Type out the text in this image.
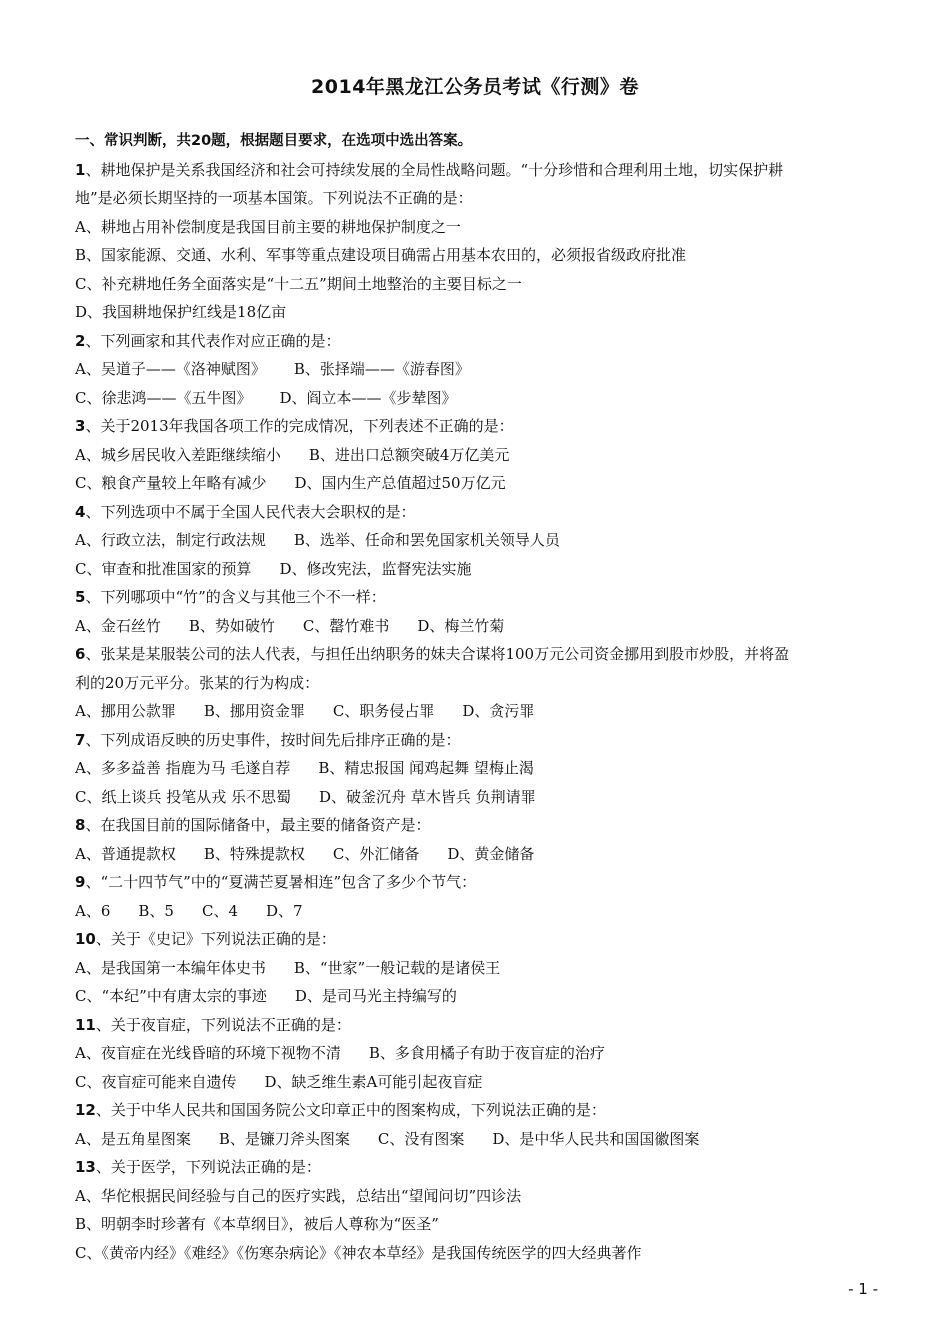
2014年黑龙江公务员考试《行测》卷
一、常识判断，共20题，根据题目要求，在选项中选出答案。
1、耕地保护是关系我国经济和社会可持续发展的全局性战略问题。“十分珍惜和合理利用土地，切实保护耕
地”是必须长期坚持的一项基本国策。下列说法不正确的是：
A、耕地占用补偿制度是我国目前主要的耕地保护制度之一
B、国家能源、交通、水利、军事等重点建设项目确需占用基本农田的，必须报省级政府批准
C、补充耕地任务全面落实是“十二五”期间土地整治的主要目标之一
D、我国耕地保护红线是18亿亩
2、下列画家和其代表作对应正确的是：
A、吴道子——《洛神赋图》 B、张择端——《游春图》
C、徐悲鸿——《五牛图》 D、阎立本——《步辇图》
3、关于2013年我国各项工作的完成情况，下列表述不正确的是：
A、城乡居民收入差距继续缩小 B、进出口总额突破4万亿美元
C、粮食产量较上年略有减少 D、国内生产总值超过50万亿元
4、下列选项中不属于全国人民代表大会职权的是：
A、行政立法，制定行政法规 B、选举、任命和罢免国家机关领导人员
C、审查和批准国家的预算 D、修改宪法，监督宪法实施
5、下列哪项中“竹”的含义与其他三个不一样：
A、金石丝竹 B、势如破竹 C、罄竹难书 D、梅兰竹菊
6、张某是某服装公司的法人代表，与担任出纳职务的妹夫合谋将100万元公司资金挪用到股市炒股，并将盈
利的20万元平分。张某的行为构成：
A、挪用公款罪 B、挪用资金罪 C、职务侵占罪 D、贪污罪
7、下列成语反映的历史事件，按时间先后排序正确的是：
A、多多益善 指鹿为马 毛遂自荐 B、精忠报国 闻鸡起舞 望梅止渴
C、纸上谈兵 投笔从戎 乐不思蜀 D、破釜沉舟 草木皆兵 负荆请罪
8、在我国目前的国际储备中，最主要的储备资产是：
A、普通提款权 B、特殊提款权 C、外汇储备 D、黄金储备
9、“二十四节气”中的“夏满芒夏暑相连”包含了多少个节气：
A、6 B、5 C、4 D、7
10、关于《史记》下列说法正确的是：
A、是我国第一本编年体史书 B、“世家”一般记载的是诸侯王
C、“本纪”中有唐太宗的事迹 D、是司马光主持编写的
11、关于夜盲症，下列说法不正确的是：
A、夜盲症在光线昏暗的环境下视物不清 B、多食用橘子有助于夜盲症的治疗
C、夜盲症可能来自遗传 D、缺乏维生素A可能引起夜盲症
12、关于中华人民共和国国务院公文印章正中的图案构成，下列说法正确的是：
A、是五角星图案 B、是镰刀斧头图案 C、没有图案 D、是中华人民共和国国徽图案
13、关于医学，下列说法正确的是：
A、华佗根据民间经验与自己的医疗实践，总结出“望闻问切”四诊法
B、明朝李时珍著有《本草纲目》，被后人尊称为“医圣”
C、《黄帝内经》《难经》《伤寒杂病论》《神农本草经》是我国传统医学的四大经典著作
- 1 -
